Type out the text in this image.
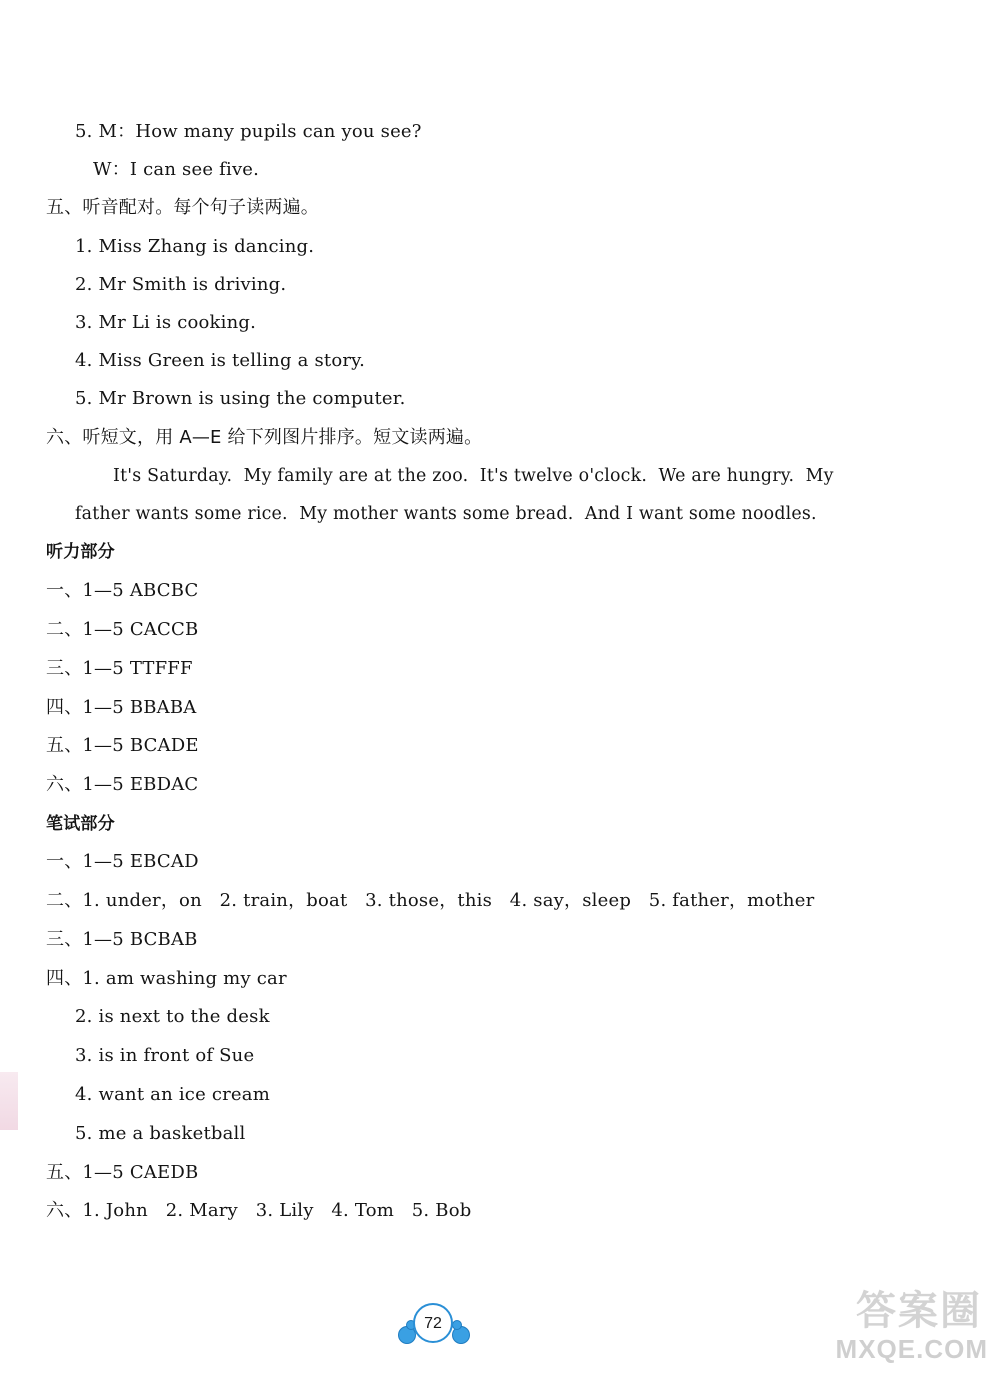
5. M：How many pupils can you see?
W：I can see five.
五、听音配对。每个句子读两遍。
1. Miss Zhang is dancing.
2. Mr Smith is driving.
3. Mr Li is cooking.
4. Miss Green is telling a story.
5. Mr Brown is using the computer.
六、听短文，用 A—E 给下列图片排序。短文读两遍。
It's Saturday.  My family are at the zoo.  It's twelve o'clock.  We are hungry.  My
father wants some rice.  My mother wants some bread.  And I want some noodles.
听力部分
一、1—5 ABCBC
二、1—5 CACCB
三、1—5 TTFFF
四、1—5 BBABA
五、1—5 BCADE
六、1—5 EBDAC
笔试部分
一、1—5 EBCAD
二、1. under，on   2. train，boat   3. those，this   4. say，sleep   5. father，mother
三、1—5 BCBAB
四、1. am washing my car
2. is next to the desk
3. is in front of Sue
4. want an ice cream
5. me a basketball
五、1—5 CAEDB
六、1. John   2. Mary   3. Lily   4. Tom   5. Bob
72	答案圈
MXQE.COM
